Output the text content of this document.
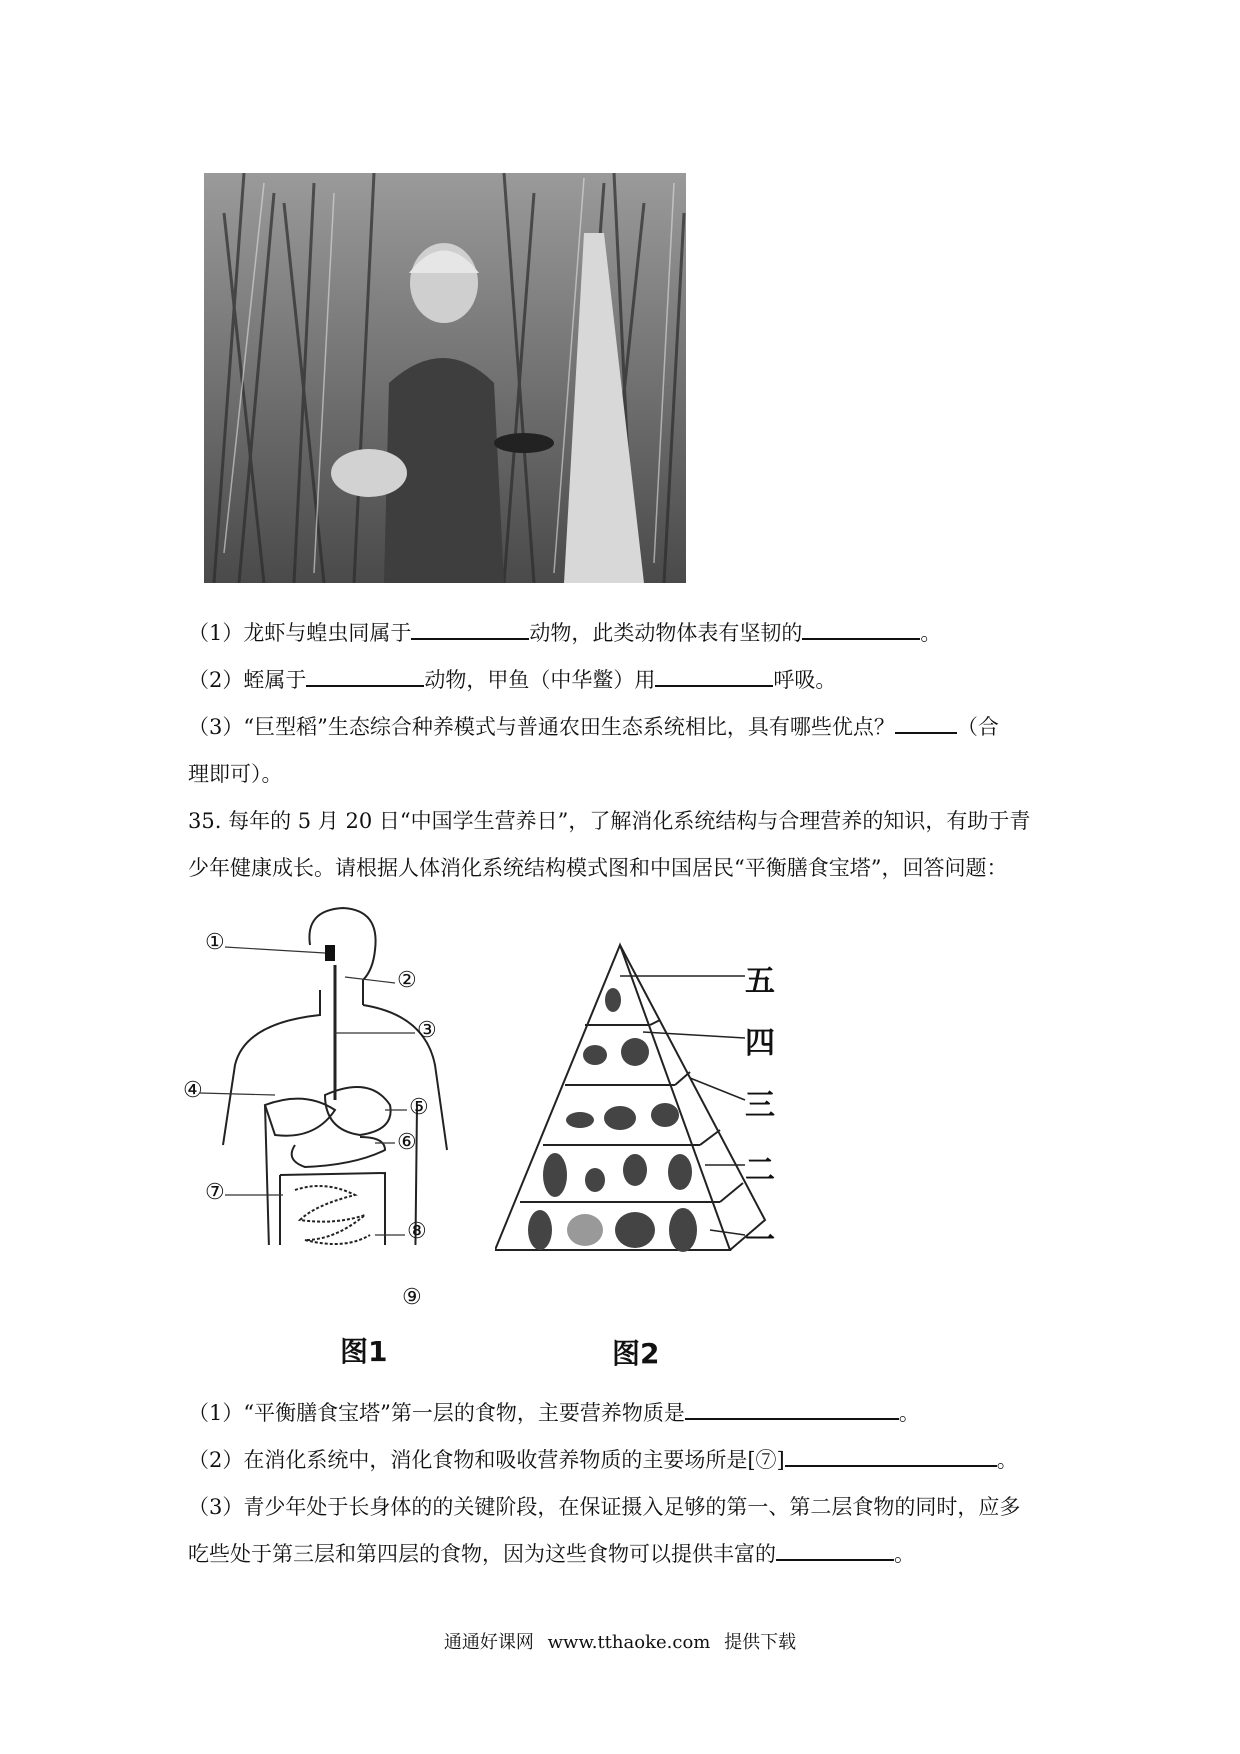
（1）龙虾与蝗虫同属于	动物，此类动物体表有坚韧的	。
（2）蛭属于	动物，甲鱼（中华鳖）用	呼吸。
（3）“巨型稻”生态综合种养模式与普通农田生态系统相比，具有哪些优点？	（合
理即可）。
35. 每年的 5 月 20 日“中国学生营养日”，了解消化系统结构与合理营养的知识，有助于青
少年健康成长。请根据人体消化系统结构模式图和中国居民“平衡膳食宝塔”，回答问题：
①
②
③
④
⑤
⑥
⑦
⑧
⑨
图1
五
四
三
二
一
图2
（1）“平衡膳食宝塔”第一层的食物，主要营养物质是	。
（2）在消化系统中，消化食物和吸收营养物质的主要场所是[⑦]	。
（3）青少年处于长身体的的关键阶段，在保证摄入足够的第一、第二层食物的同时，应多
吃些处于第三层和第四层的食物，因为这些食物可以提供丰富的	。
通通好课网 www.tthaoke.com 提供下载
